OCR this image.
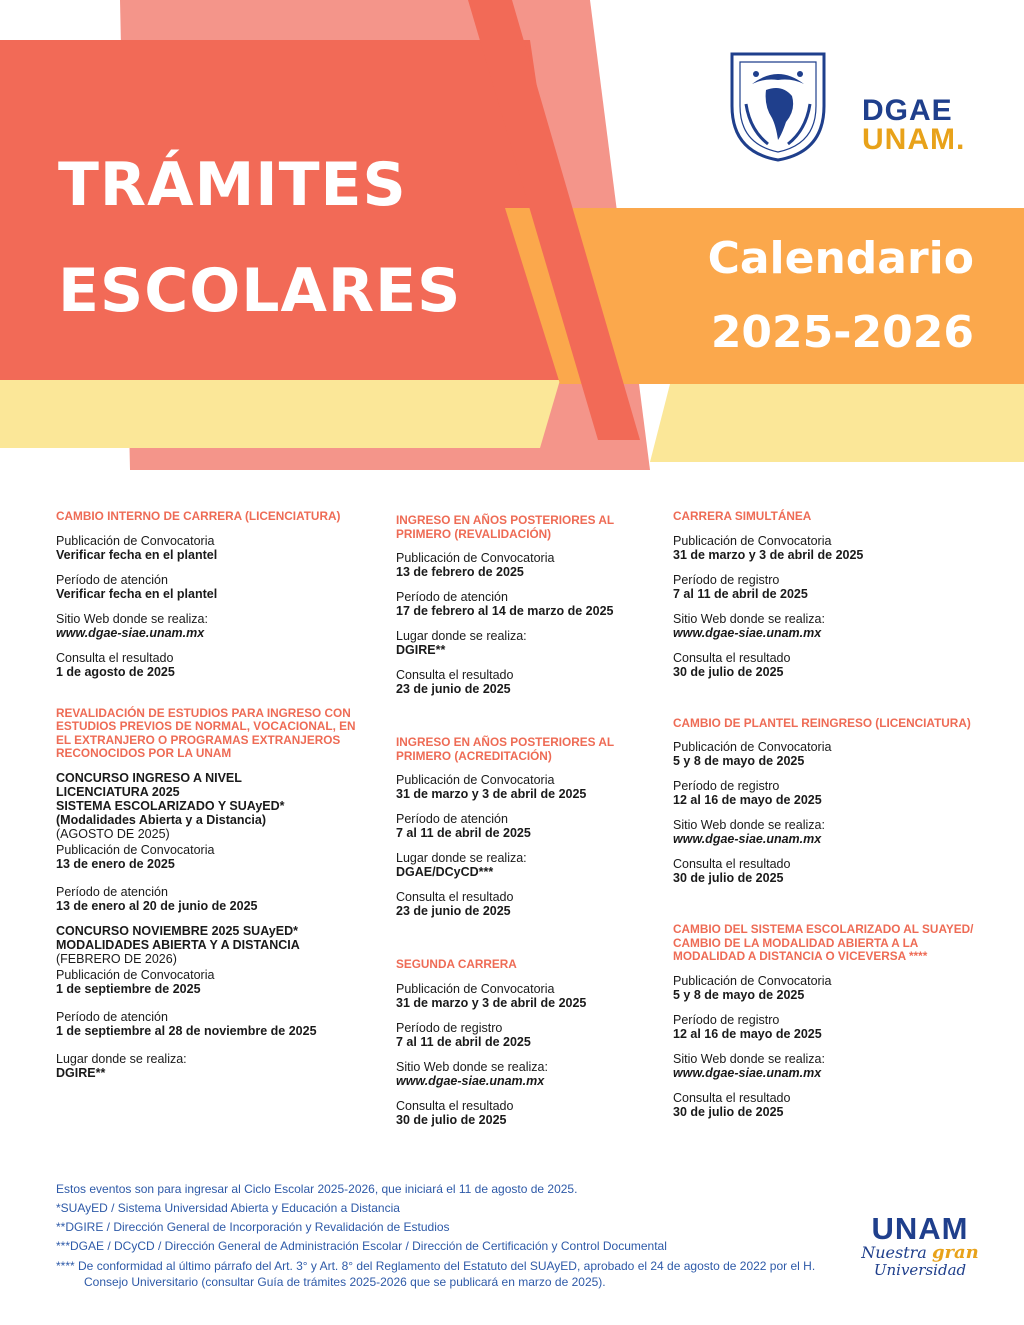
TRÁMITES
ESCOLARES	Calendario
2025-2026
DGAE
UNAM.
CAMBIO INTERNO DE CARRERA (LICENCIATURA)
Publicación de Convocatoria
Verificar fecha en el plantel
Período de atención
Verificar fecha en el plantel
Sitio Web donde se realiza:
www.dgae-siae.unam.mx
Consulta el resultado
1 de agosto de 2025
REVALIDACIÓN DE ESTUDIOS PARA INGRESO CON ESTUDIOS PREVIOS DE NORMAL, VOCACIONAL, EN EL EXTRANJERO O PROGRAMAS EXTRANJEROS RECONOCIDOS POR LA UNAM
CONCURSO INGRESO A NIVEL
LICENCIATURA 2025
SISTEMA ESCOLARIZADO Y SUAyED*
(Modalidades Abierta y a Distancia)
(AGOSTO DE 2025)
Publicación de Convocatoria
13 de enero de 2025
Período de atención
13 de enero al 20 de junio de 2025
CONCURSO NOVIEMBRE 2025 SUAyED*
MODALIDADES ABIERTA Y A DISTANCIA
(FEBRERO DE 2026)
Publicación de Convocatoria
1 de septiembre de 2025
Período de atención
1 de septiembre al 28 de noviembre de 2025
Lugar donde se realiza:
DGIRE**
INGRESO EN AÑOS POSTERIORES AL PRIMERO (REVALIDACIÓN)
Publicación de Convocatoria
13 de febrero de 2025
Período de atención
17 de febrero al 14 de marzo de 2025
Lugar donde se realiza:
DGIRE**
Consulta el resultado
23 de junio de 2025
INGRESO EN AÑOS POSTERIORES AL PRIMERO (ACREDITACIÓN)
Publicación de Convocatoria
31 de marzo y 3 de abril de 2025
Período de atención
7 al 11 de abril de 2025
Lugar donde se realiza:
DGAE/DCyCD***
Consulta el resultado
23 de junio de 2025
SEGUNDA CARRERA
Publicación de Convocatoria
31 de marzo y 3 de abril de 2025
Período de registro
7 al 11 de abril de 2025
Sitio Web donde se realiza:
www.dgae-siae.unam.mx
Consulta el resultado
30 de julio de 2025
CARRERA SIMULTÁNEA
Publicación de Convocatoria
31 de marzo y 3 de abril de 2025
Período de registro
7 al 11 de abril de 2025
Sitio Web donde se realiza:
www.dgae-siae.unam.mx
Consulta el resultado
30 de julio de 2025
CAMBIO DE PLANTEL REINGRESO (LICENCIATURA)
Publicación de Convocatoria
5 y 8 de mayo de 2025
Período de registro
12 al 16 de mayo de 2025
Sitio Web donde se realiza:
www.dgae-siae.unam.mx
Consulta el resultado
30 de julio de 2025
CAMBIO DEL SISTEMA ESCOLARIZADO AL SUAYED/ CAMBIO DE LA MODALIDAD ABIERTA A LA MODALIDAD A DISTANCIA O VICEVERSA ****
Publicación de Convocatoria
5 y 8 de mayo de 2025
Período de registro
12 al 16 de mayo de 2025
Sitio Web donde se realiza:
www.dgae-siae.unam.mx
Consulta el resultado
30 de julio de 2025
Estos eventos son para ingresar al Ciclo Escolar 2025-2026, que iniciará el 11 de agosto de 2025.
*SUAyED / Sistema Universidad Abierta y Educación a Distancia
**DGIRE / Dirección General de Incorporación y Revalidación de Estudios
***DGAE / DCyCD / Dirección General de Administración Escolar / Dirección de Certificación y Control Documental
**** De conformidad al último párrafo del Art. 3° y Art. 8° del Reglamento del Estatuto del SUAyED, aprobado el 24 de agosto de 2022 por el H. Consejo Universitario (consultar Guía de trámites 2025-2026 que se publicará en marzo de 2025).
UNAM
Nuestra gran
Universidad
